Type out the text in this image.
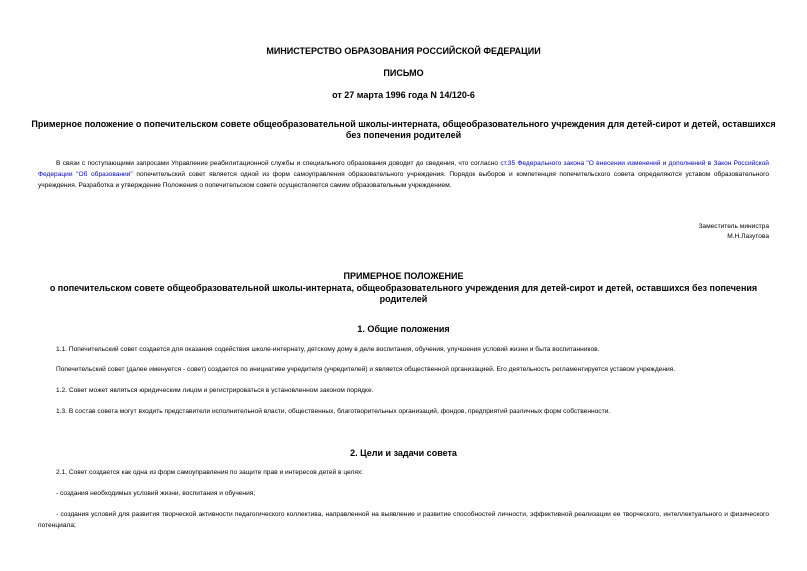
МИНИСТЕРСТВО ОБРАЗОВАНИЯ РОССИЙСКОЙ ФЕДЕРАЦИИ
ПИСЬМО
от 27 марта 1996 года N 14/120-6
Примерное положение о попечительском совете общеобразовательной школы-интерната, общеобразовательного учреждения для детей-сирот и детей, оставшихся без попечения родителей
В связи с поступающими запросами Управление реабилитационной службы и специального образования доводит до сведения, что согласно ст.35 Федерального закона "О внесении изменений и дополнений в Закон Российской Федерации "Об образовании" попечительский совет является одной из форм самоуправления образовательного учреждения. Порядок выборов и компетенция попечительского совета определяются уставом образовательного учреждения. Разработка и утверждение Положения о попечительском совете осуществляется самим образовательным учреждением.
Заместитель министра
М.Н.Лазутова
ПРИМЕРНОЕ ПОЛОЖЕНИЕ
о попечительском совете общеобразовательной школы-интерната, общеобразовательного учреждения для детей-сирот и детей, оставшихся без попечения родителей
1. Общие положения
1.1. Попечительский совет создается для оказания содействия школе-интернату, детскому дому в деле воспитания, обучения, улучшения условий жизни и быта воспитанников.
Попечительский совет (далее именуется - совет) создается по инициативе учредителя (учредителей) и является общественной организацией. Его деятельность регламентируется уставом учреждения.
1.2. Совет может являться юридическим лицом и регистрироваться в установленном законом порядке.
1.3. В состав совета могут входить представители исполнительной власти, общественных, благотворительных организаций, фондов, предприятий различных форм собственности.
2. Цели и задачи совета
2.1. Совет создается как одна из форм самоуправления по защите прав и интересов детей в целях:
- создания необходимых условий жизни, воспитания и обучения;
- создания условий для развития творческой активности педагогического коллектива, направленной на выявление и развитие способностей личности, эффективной реализации ее творческого, интеллектуального и физического потенциала;
